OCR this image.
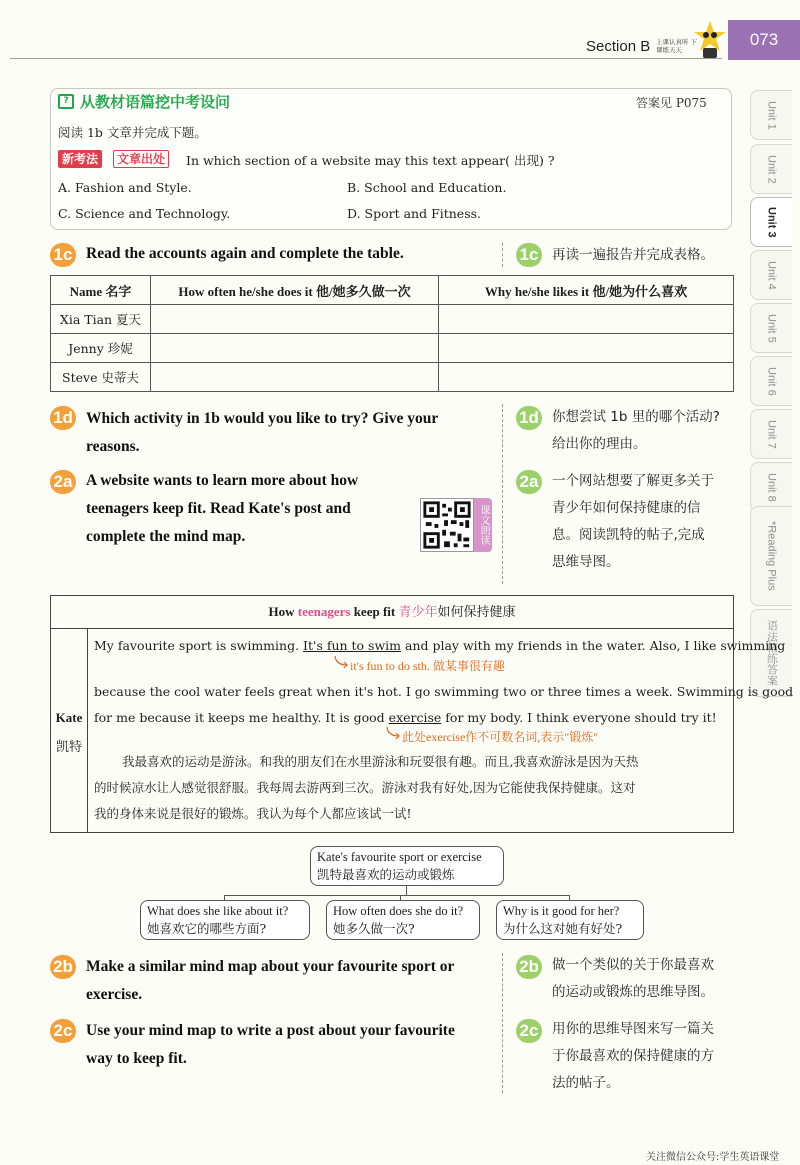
Section B 上课认真听 下课练天天
073
Unit 1
Unit 2
Unit 3
Unit 4
Unit 5
Unit 6
Unit 7
Unit 8
*Reading Plus
语法精练答案
? 从教材语篇挖中考设问	答案见 P075
阅读 1b 文章并完成下题。
新考法	文章出处	In which section of a website may this text appear( 出现) ?
A. Fashion and Style.	B. School and Education.
C. Science and Technology.	D. Sport and Fitness.
1c Read the accounts again and complete the table.	1c 再读一遍报告并完成表格。
Name 名字	How often he/she does it 他/她多久做一次	Why he/she likes it 他/她为什么喜欢
Xia Tian 夏天		
Jenny 珍妮		
Steve 史蒂夫		
1d Which activity in 1b would you like to try? Give your
reasons.
1d 你想尝试 1b 里的哪个活动?
给出你的理由。
2a A website wants to learn more about how
teenagers keep fit. Read Kate's post and
complete the mind map.	课文朗读
2a 一个网站想要了解更多关于
青少年如何保持健康的信
息。阅读凯特的帖子,完成
思维导图。
How teenagers keep fit 青少年如何保持健康
Kate
凯特
My favourite sport is swimming. It's fun to swim and play with my friends in the water. Also, I like swimming
it's fun to do sth. 做某事很有趣
because the cool water feels great when it's hot. I go swimming two or three times a week. Swimming is good
for me because it keeps me healthy. It is good exercise for my body. I think everyone should try it!
此处exercise作不可数名词,表示"锻炼"
我最喜欢的运动是游泳。和我的朋友们在水里游泳和玩耍很有趣。而且,我喜欢游泳是因为天热
的时候凉水让人感觉很舒服。我每周去游两到三次。游泳对我有好处,因为它能使我保持健康。这对
我的身体来说是很好的锻炼。我认为每个人都应该试一试!
Kate's favourite sport or exercise
凯特最喜欢的运动或锻炼
What does she like about it?
她喜欢它的哪些方面?
How often does she do it?
她多久做一次?
Why is it good for her?
为什么这对她有好处?
2b Make a similar mind map about your favourite sport or
exercise.
2b 做一个类似的关于你最喜欢
的运动或锻炼的思维导图。
2c Use your mind map to write a post about your favourite
way to keep fit.
2c 用你的思维导图来写一篇关
于你最喜欢的保持健康的方
法的帖子。
关注微信公众号:学生英语课堂
